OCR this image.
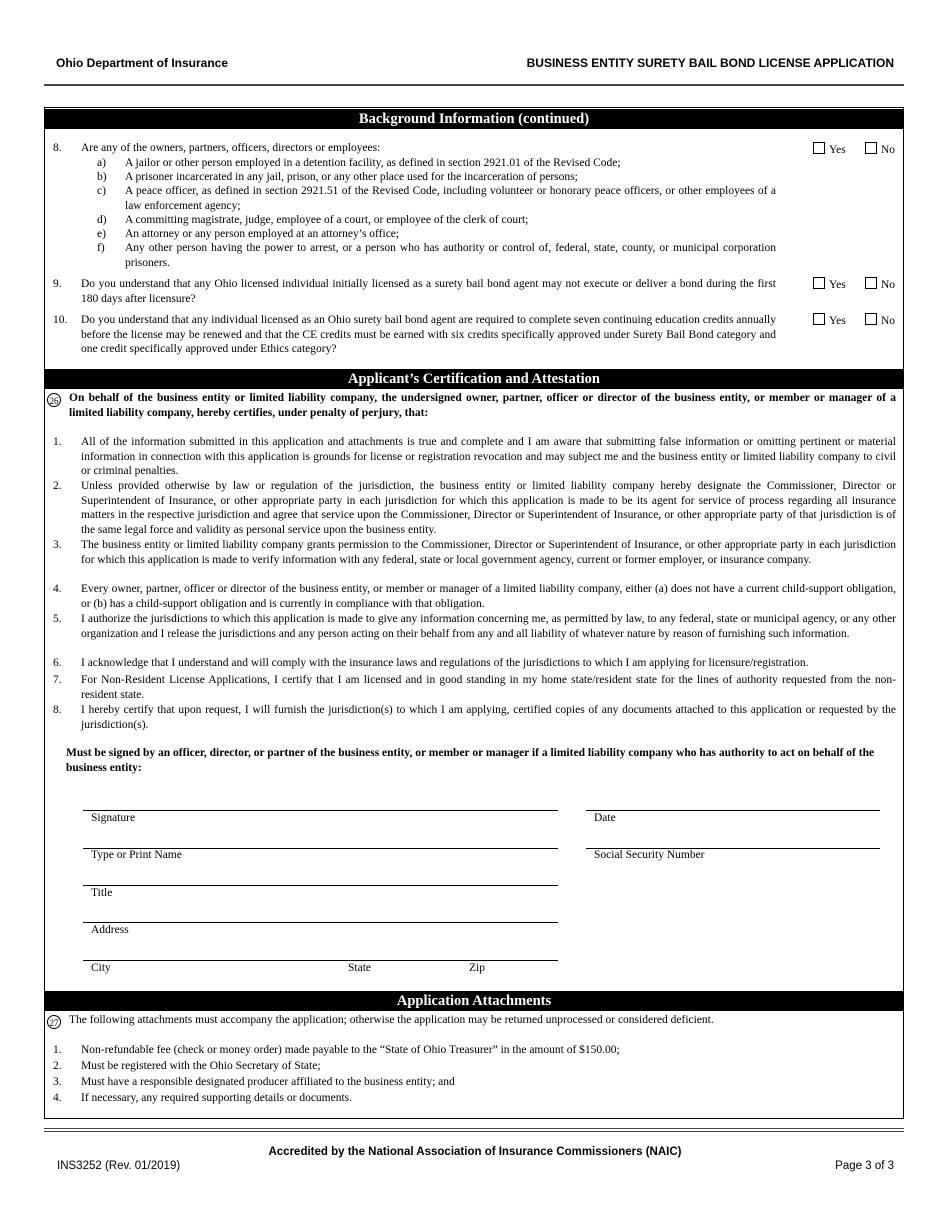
Ohio Department of Insurance	BUSINESS ENTITY SURETY BAIL BOND LICENSE APPLICATION
Background Information (continued)
8. Are any of the owners, partners, officers, directors or employees:
a) A jailor or other person employed in a detention facility, as defined in section 2921.01 of the Revised Code;
b) A prisoner incarcerated in any jail, prison, or any other place used for the incarceration of persons;
c) A peace officer, as defined in section 2921.51 of the Revised Code, including volunteer or honorary peace officers, or other employees of a law enforcement agency;
d) A committing magistrate, judge, employee of a court, or employee of the clerk of court;
e) An attorney or any person employed at an attorney’s office;
f) Any other person having the power to arrest, or a person who has authority or control of, federal, state, county, or municipal corporation prisoners.
Yes	No
9. Do you understand that any Ohio licensed individual initially licensed as a surety bail bond agent may not execute or deliver a bond during the first 180 days after licensure?
Yes	No
10. Do you understand that any individual licensed as an Ohio surety bail bond agent are required to complete seven continuing education credits annually before the license may be renewed and that the CE credits must be earned with six credits specifically approved under Surety Bail Bond category and one credit specifically approved under Ethics category?
Yes	No
Applicant’s Certification and Attestation
26 On behalf of the business entity or limited liability company, the undersigned owner, partner, officer or director of the business entity, or member or manager of a limited liability company, hereby certifies, under penalty of perjury, that:
1. All of the information submitted in this application and attachments is true and complete and I am aware that submitting false information or omitting pertinent or material information in connection with this application is grounds for license or registration revocation and may subject me and the business entity or limited liability company to civil or criminal penalties.
2. Unless provided otherwise by law or regulation of the jurisdiction, the business entity or limited liability company hereby designate the Commissioner, Director or Superintendent of Insurance, or other appropriate party in each jurisdiction for which this application is made to be its agent for service of process regarding all insurance matters in the respective jurisdiction and agree that service upon the Commissioner, Director or Superintendent of Insurance, or other appropriate party of that jurisdiction is of the same legal force and validity as personal service upon the business entity.
3. The business entity or limited liability company grants permission to the Commissioner, Director or Superintendent of Insurance, or other appropriate party in each jurisdiction for which this application is made to verify information with any federal, state or local government agency, current or former employer, or insurance company.
4. Every owner, partner, officer or director of the business entity, or member or manager of a limited liability company, either (a) does not have a current child-support obligation, or (b) has a child-support obligation and is currently in compliance with that obligation.
5. I authorize the jurisdictions to which this application is made to give any information concerning me, as permitted by law, to any federal, state or municipal agency, or any other organization and I release the jurisdictions and any person acting on their behalf from any and all liability of whatever nature by reason of furnishing such information.
6. I acknowledge that I understand and will comply with the insurance laws and regulations of the jurisdictions to which I am applying for licensure/registration.
7. For Non-Resident License Applications, I certify that I am licensed and in good standing in my home state/resident state for the lines of authority requested from the non-resident state.
8. I hereby certify that upon request, I will furnish the jurisdiction(s) to which I am applying, certified copies of any documents attached to this application or requested by the jurisdiction(s).
Must be signed by an officer, director, or partner of the business entity, or member or manager if a limited liability company who has authority to act on behalf of the business entity:
Signature	Date
Type or Print Name	Social Security Number
Title
Address
City	State	Zip
Application Attachments
27 The following attachments must accompany the application; otherwise the application may be returned unprocessed or considered deficient.
1. Non-refundable fee (check or money order) made payable to the “State of Ohio Treasurer” in the amount of $150.00;
2. Must be registered with the Ohio Secretary of State;
3. Must have a responsible designated producer affiliated to the business entity; and
4. If necessary, any required supporting details or documents.
Accredited by the National Association of Insurance Commissioners (NAIC)
INS3252 (Rev. 01/2019)	Page 3 of 3
